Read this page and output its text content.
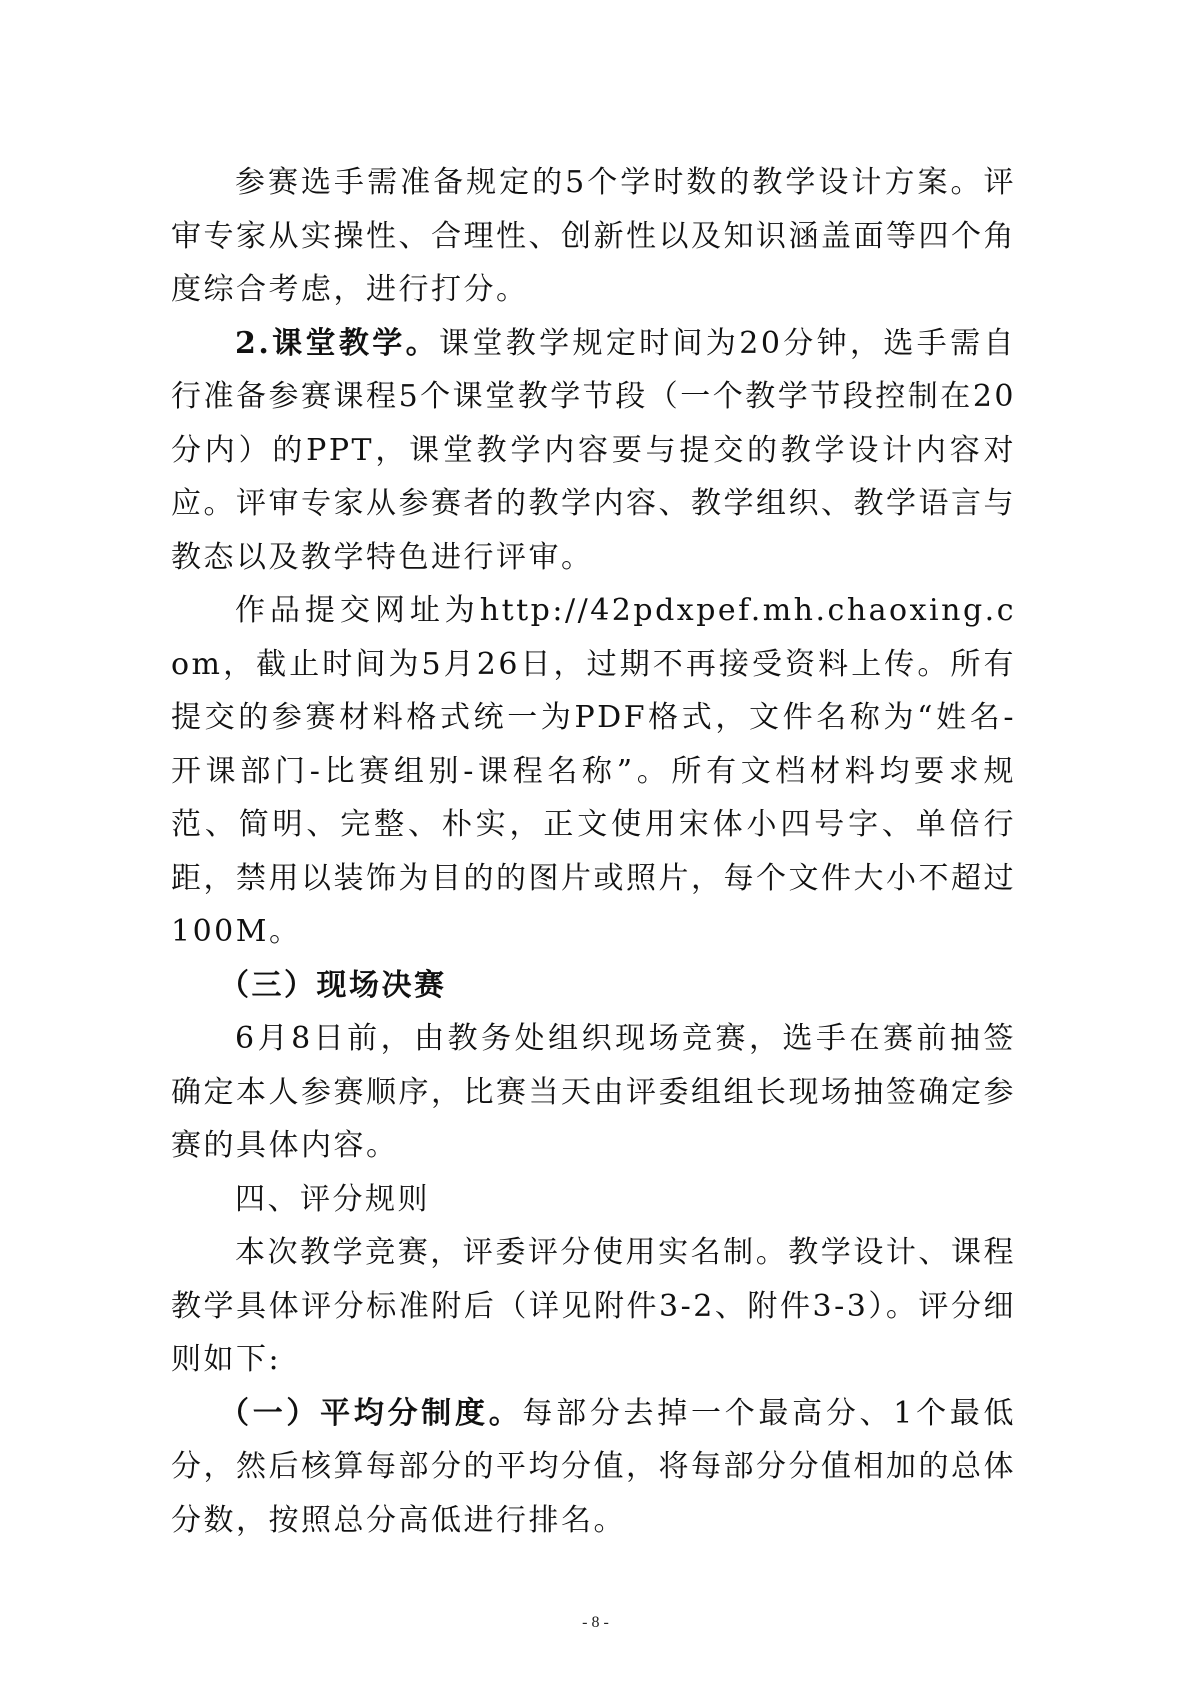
参赛选手需准备规定的5个学时数的教学设计方案。评审专家从实操性、合理性、创新性以及知识涵盖面等四个角度综合考虑，进行打分。

2.课堂教学。课堂教学规定时间为20分钟，选手需自行准备参赛课程5个课堂教学节段（一个教学节段控制在20分内）的PPT，课堂教学内容要与提交的教学设计内容对应。评审专家从参赛者的教学内容、教学组织、教学语言与教态以及教学特色进行评审。

作品提交网址为http://42pdxpef.mh.chaoxing.com，截止时间为5月26日，过期不再接受资料上传。所有提交的参赛材料格式统一为PDF格式，文件名称为“姓名-开课部门-比赛组别-课程名称”。所有文档材料均要求规范、简明、完整、朴实，正文使用宋体小四号字、单倍行距，禁用以装饰为目的的图片或照片，每个文件大小不超过100M。

（三）现场决赛

6月8日前，由教务处组织现场竞赛，选手在赛前抽签确定本人参赛顺序，比赛当天由评委组组长现场抽签确定参赛的具体内容。

四、评分规则

本次教学竞赛，评委评分使用实名制。教学设计、课程教学具体评分标准附后（详见附件3-2、附件3-3）。评分细则如下:

（一）平均分制度。每部分去掉一个最高分、1个最低分，然后核算每部分的平均分值，将每部分分值相加的总体分数，按照总分高低进行排名。

- 8 -
